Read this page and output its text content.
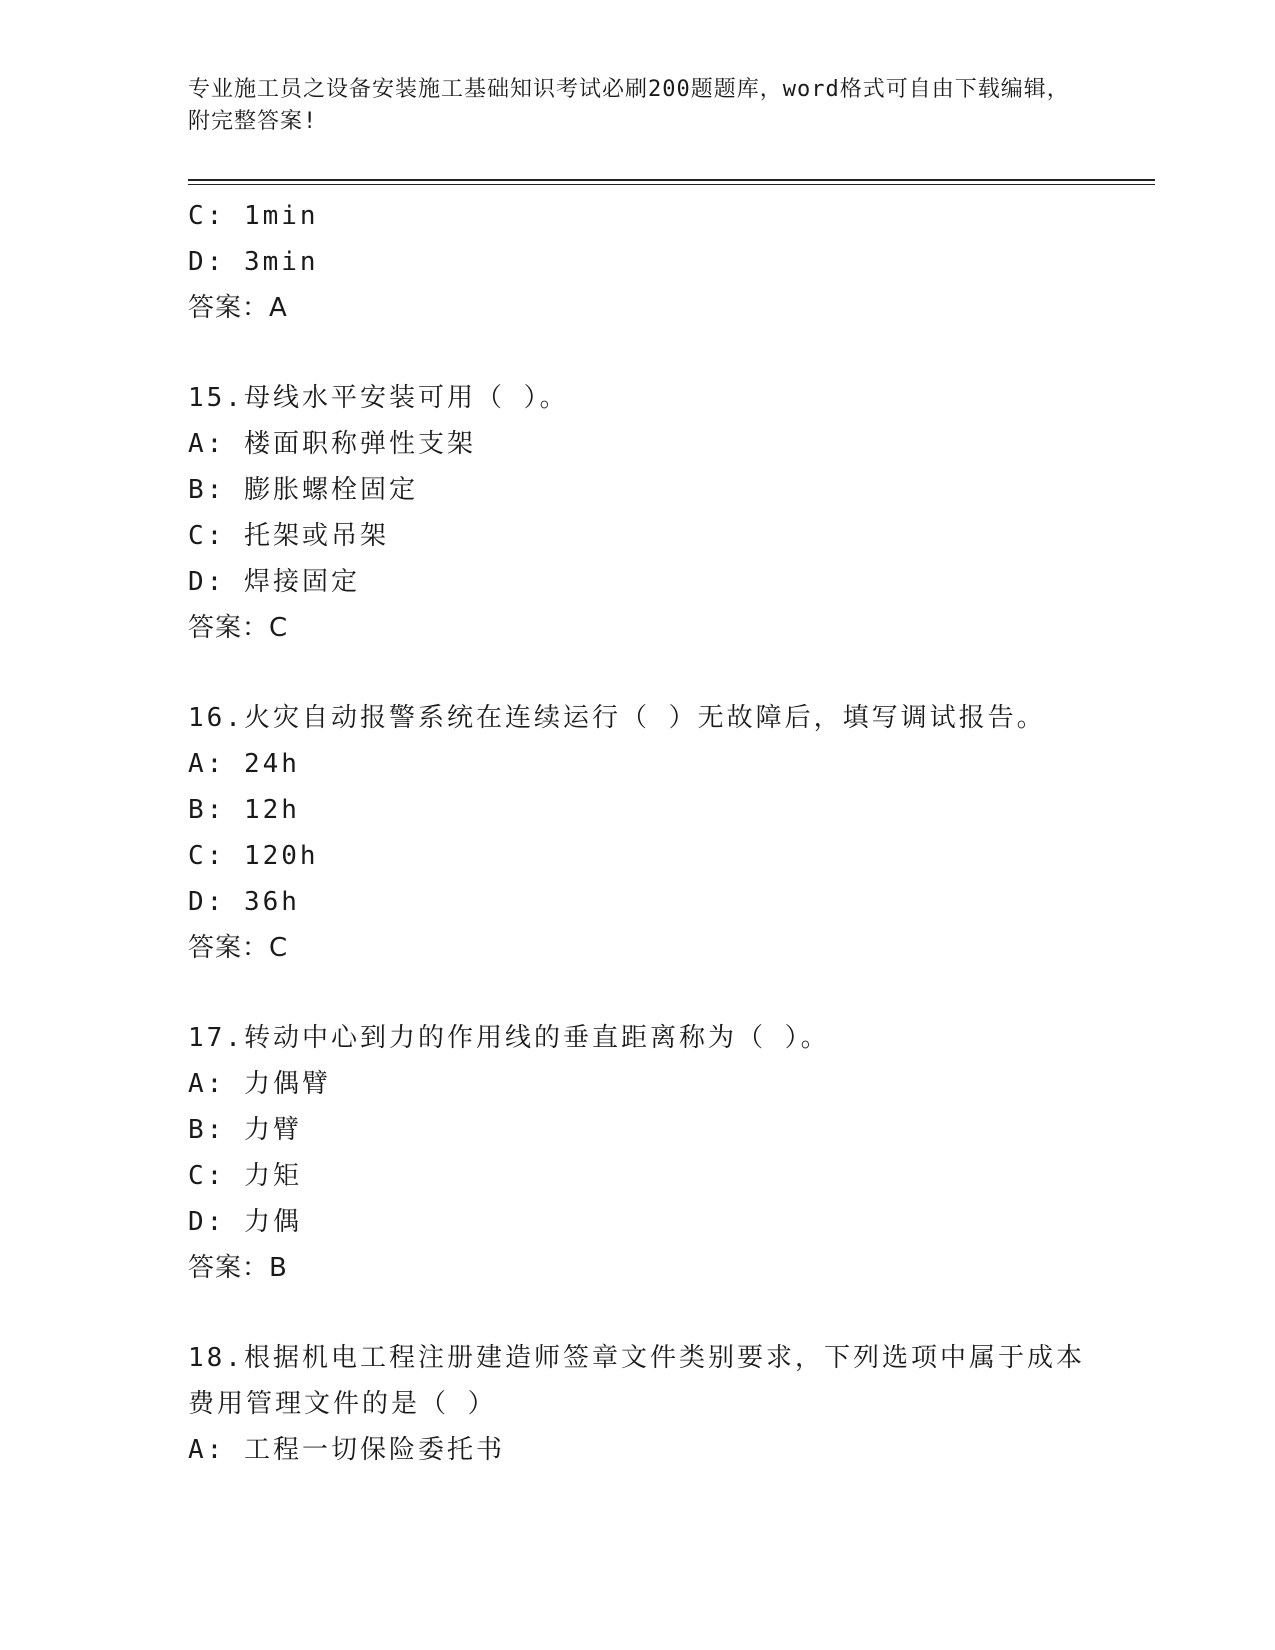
专业施工员之设备安装施工基础知识考试必刷200题题库，word格式可自由下载编辑，附完整答案!
C: 1min
D: 3min
答案：A
15.母线水平安装可用（ ）。
A: 楼面职称弹性支架
B: 膨胀螺栓固定
C: 托架或吊架
D: 焊接固定
答案：C
16.火灾自动报警系统在连续运行（ ）无故障后，填写调试报告。
A: 24h
B: 12h
C: 120h
D: 36h
答案：C
17.转动中心到力的作用线的垂直距离称为（ ）。
A: 力偶臂
B: 力臂
C: 力矩
D: 力偶
答案：B
18.根据机电工程注册建造师签章文件类别要求，下列选项中属于成本
费用管理文件的是（ ）
A: 工程一切保险委托书
